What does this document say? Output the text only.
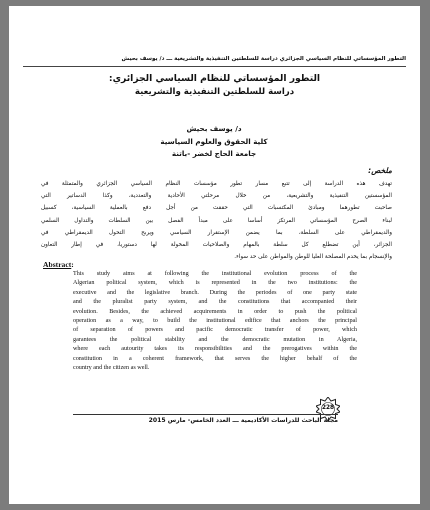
التطور المؤسساتي للنظام السياسي الجزائري دراسة للسلطتين التنفيذية والتشريعية ـــ د/ يوسف بحيش
التطور المؤسساتي للنظام السياسي الجزائري:
دراسة للسلطتين التنفيذية والتشريعية
د/ يوسف بحيش
كلية الحقوق والعلوم السياسية
جامعة الحاج لخضر -باتنة
ملخص:
تهدف هذه الدراسة إلى تتبع مسار تطور مؤسسات النظام السياسي الجزائري والمتمثلة في
المؤسستين التنفيذية والتشريعية، من خلال مرحلتي الأحادية والتعددية، وكذا الدساتير التي
صاحبت تطورهما ومبادئ المكتسبات التي حققت من أجل دفع بالعملية السياسية، كسبيل
لبناء الصرح المؤسساتي المرتكز أساسا على مبدأ الفصل بين السلطات والتداول السلمي
والديمقراطي على السلطة، بما يضمن الإستقرار السياسي ويربح التحول الديمقراطي في
الجزائر، أين تضطلع كل سلطة بالمهام والصلاحيات المخولة لها دستوريا، في إطار التعاون
والإنسجام بما يخدم المصلحة العليا للوطن والمواطن على حد سواء.
Abstract:
This study aims at following the institutional evolution process of the
Algerian political system, which is represented in the two institutions: the
executive and the legislative branch. During the periodes of one party state
and the pluralist party system, and the constitutions that accompanied their
evolution. Besides, the achieved acquirements in order to push the political
operation as a way, to build the institutional edifice that anchors the principal
of separation of powers and pacific democratic transfer of power, which
garantees the political stability and the democratic mutation in Algeria,
where each autourity takes its responsibilities and the prerogatives within the
constitution in a coherent framework, that serves the higher behalf of the
country and the citizen as well.
228
مجلة الباحث للدراسات الأكاديمية ـــ العدد الخامس- مارس 2015
